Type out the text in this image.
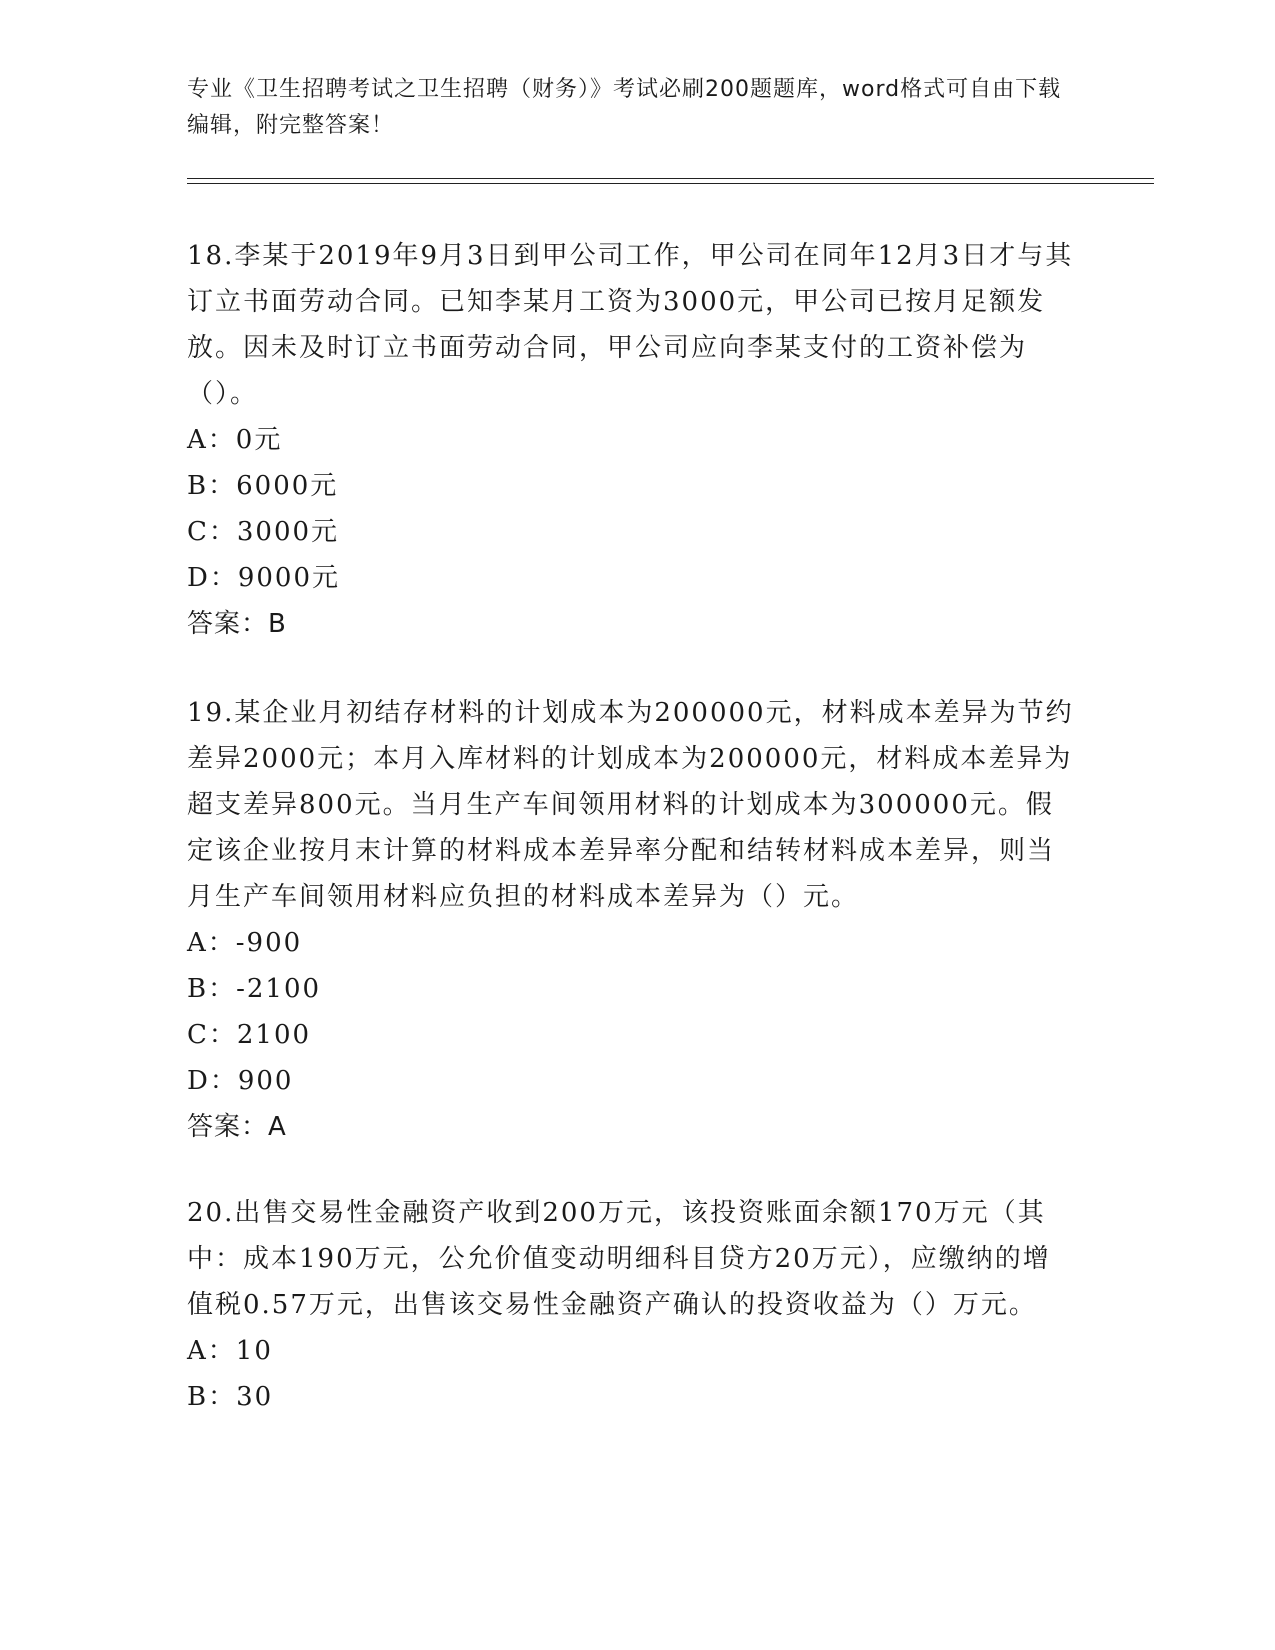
专业《卫生招聘考试之卫生招聘（财务）》考试必刷200题题库，word格式可自由下载编辑，附完整答案！
18.李某于2019年9月3日到甲公司工作，甲公司在同年12月3日才与其订立书面劳动合同。已知李某月工资为3000元，甲公司已按月足额发放。因未及时订立书面劳动合同，甲公司应向李某支付的工资补偿为（）。
A：0元
B：6000元
C：3000元
D：9000元
答案：B
19.某企业月初结存材料的计划成本为200000元，材料成本差异为节约差异2000元；本月入库材料的计划成本为200000元，材料成本差异为超支差异800元。当月生产车间领用材料的计划成本为300000元。假定该企业按月末计算的材料成本差异率分配和结转材料成本差异，则当月生产车间领用材料应负担的材料成本差异为（）元。
A：-900
B：-2100
C：2100
D：900
答案：A
20.出售交易性金融资产收到200万元，该投资账面余额170万元（其中：成本190万元，公允价值变动明细科目贷方20万元），应缴纳的增值税0.57万元，出售该交易性金融资产确认的投资收益为（）万元。
A：10
B：30
